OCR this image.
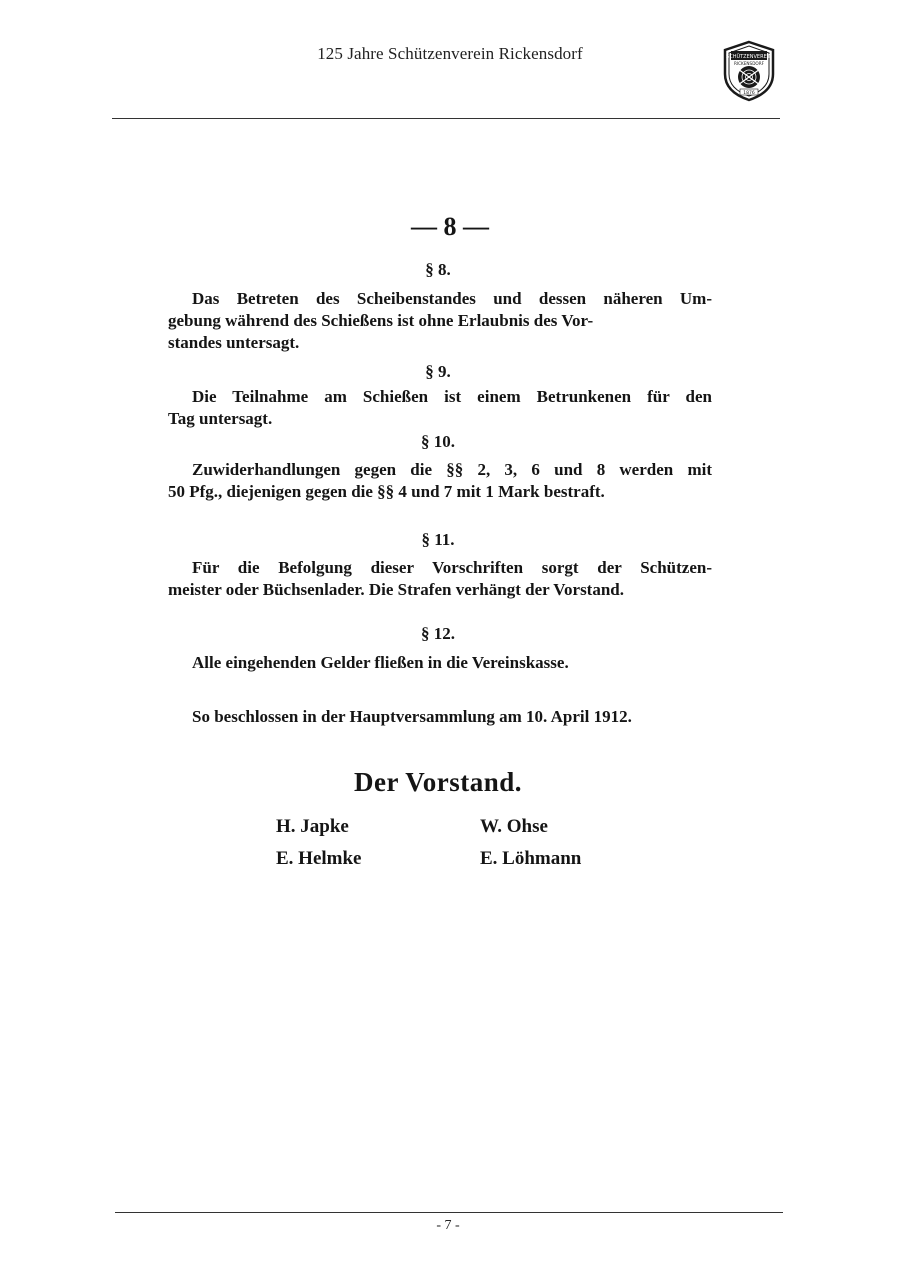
125 Jahre Schützenverein Rickensdorf	SCHÜTZENVEREIN
RICKENSDORF
1876
— 8 —
§ 8.
Das Betreten des Scheibenstandes und dessen näheren Um-
gebung während des Schießens ist ohne Erlaubnis des Vor-
standes untersagt.
§ 9.
Die Teilnahme am Schießen ist einem Betrunkenen für den
Tag untersagt.
§ 10.
Zuwiderhandlungen gegen die §§ 2, 3, 6 und 8 werden mit
50 Pfg., diejenigen gegen die §§ 4 und 7 mit 1 Mark bestraft.
§ 11.
Für die Befolgung dieser Vorschriften sorgt der Schützen-
meister oder Büchsenlader. Die Strafen verhängt der Vorstand.
§ 12.
Alle eingehenden Gelder fließen in die Vereinskasse.
So beschlossen in der Hauptversammlung am 10. April 1912.
Der Vorstand.
H. Japke	W. Ohse
E. Helmke	E. Löhmann
- 7 -
